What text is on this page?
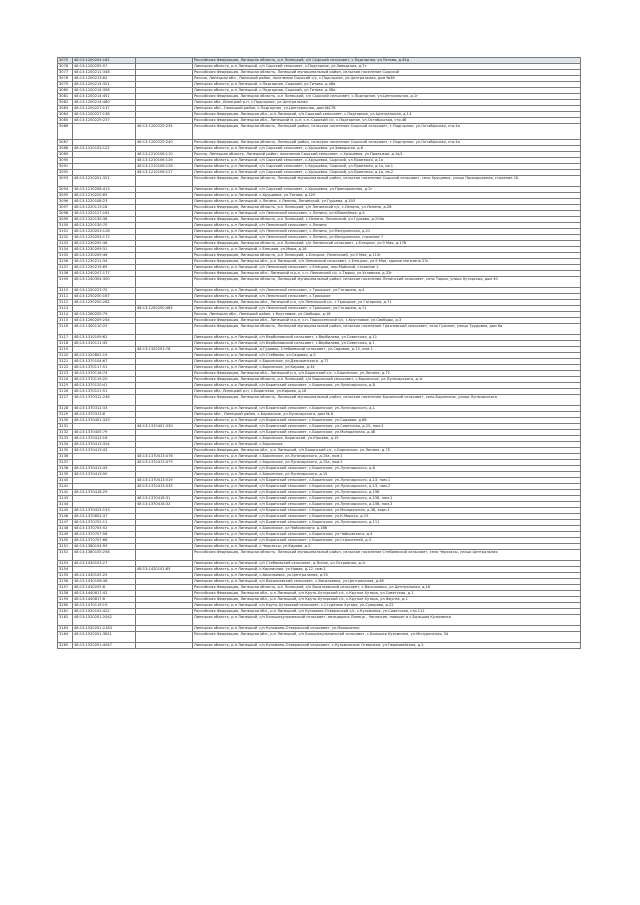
3075	48:13:1200204:182		Российская Федерация, Липецкая область, р-н Липецкий, с/п Сырский сельсовет, с.Подгорное, ул.Титова, д.45д
3076	48:13:1200205:57		Липецкая область, р-н Липецкий, с/п Сырский сельсовет, с.Подгорное, ул.Заводская, д.7с
3077	48:13:1200211:348		Российская Федерация, Липецкая область, Липецкий муниципальный район, сельское поселение Сырский
3078	48:13:1200213:62		Россия, Липецкая обл., Липецкий район, поселение Сырский с/с, с.Подгорное, ул.Центральная, дом №38
3079	48:13:1200214:321		Липецкая область, р-н Липецкий, с.Подгорное, Сырский, ул.Титова, д.46в
3080	48:13:1200214:358		Липецкая область, р-н Липецкий, с.Подгорное, Сырский, ул.Титова, д.38а
3081	48:13:1200214:451		Российская Федерация, Липецкая область, р-н Липецкий, с/п Сырский сельсовет, с.Подгорное, ул.Центральная, д.1г
3082	48:13:1200214:480		Липецкая обл.,Липецкий р-н, с.Подгорное, ул.Центральная
3083	48:13:1200227:137		Липецкая обл., Липецкий район, с.Подгорное, ул.Центральная, дом №17б
3084	48:13:1200227:138		Российская Федерация, Липецкая обл., р-н Липецкий, с/п Сырский сельсовет, с.Подгорное, ул.Центральная, д.14
3085	48:13:1200229:237		Российская Федерация, Липецкая обл., Липецкий м. р-н, с.п. Сырский с/с, с.Подгорное, ул.Октябрьская, стр.4б
3086		48:13:1200229:235	Российская Федерация, Липецкая область, Липецкий район, сельское поселение Сырский сельсовет, с.Подгорное, ул.Октябрьская, стр.4а
3087		48:13:1200229:240	Российская Федерация, Липецкая область, Липецкий район, сельское поселение Сырский сельсовет, с.Подгорное, ул.Октябрьская, стр.4а
3088	48:13:1210103:122		Липецкая область, р-н Липецкий, с/п Сырский сельсовет, с.Хрущевка, ул.Заводская, д.6
3089		48:13:1210106:110	Россия, Липецкая область, Липецкий район, поселение Сырский сельсовет, с.Хрущевка, ул.Проезжая, д.1а/1
3090		48:13:1210106:126	Липецкая область, р-н Липецкий, с/п Сырский сельсовет, с.Хрущевка, Сырский, ул.Проезжая, д.1а
3091		48:13:1210106:126	Липецкая область, р-н Липецкий, с/п Сырский сельсовет, с.Хрущевка, Сырский, ул.Проезжая, д.1а, кв.1
3092		48:13:1210106:127	Липецкая область, р-н Липецкий, с/п Сырский сельсовет, с.Хрущевка, Сырский, ул.Проезжая, д.1а, кв.2
3093	48:13:1210201:321		Российская Федерация, Липецкая область, Липецкий муниципальный район, сельское поселение Сырский сельсовет, село Хрущевка, улица Прикарьерная, строение 1Б
3094	48:13:1210208:413		Липецкая область, р-н Липецкий, с/п Сырский сельсовет, с.Хрущевка, ул.Прикарьерная, д.2г
3095	48:13:1210220:65		Липецкая область, р-н Липецкий, с.Хрущевка, ул.Титова, д.125
3096	48:13:1220108:23		Липецкая область, р-н Липецкий, с.Ленино, с.Ленино, Ленинский, ул.Гурьева, д.193
3097	48:13:1220113:18		Российская Федерация, Липецкая область, р-н Липецкий, с/п Ленинский с/с, с.Ленино, ул.Ленина, д.2б
3098	48:13:1220127:181		Липецкая область, р-н Липецкий, с/п Ленинский сельсовет, с.Ленино, ул.Юбилейная, д.4
3099	48:13:1220130:36		Российская Федерация, Липецкая область, р-н Липецкий, с.Ленино, Ленинский, ул.Гурьева, д.204а
3100	48:13:1220130:70		Липецкая область, р-н Липецкий, с/п Ленинский сельсовет, с.Ленино
3101	48:13:1220203:128		Липецкая область, р-н Липецкий, с/п Ленинский сельсовет, с.Ленино, ул.Мичуринская, д.21
3102	48:13:1220203:172		Липецкая область, р-н Липецкий, с/п Ленинский сельсовет, с.Ленино, ул.Мичуринская, строение 7
3103	48:13:1230205:36		Российская Федерация, Липецкая область, р-н Липецкий, с/п Ленинский сельсовет, с.Елецкое, ул.9 Мая, д.17б
3104	48:13:1230209:31		Липецкая область, р-н Липецкий, с.Елецкое, ул.Мира, д.16
3105	48:13:1230209:46		Российская Федерация, Липецкая область, р-н Липецкий, с.Елецкое, Ленинский, ул.9 Мая, д.115г
3106	48:13:1230211:34		Российская Федерация, Липецкая обл., р-н Липецкий, с/п Ленинский сельсовет, с.Елецкое, ул.9 Мая, здание магазина 23г
3107	48:13:1250215:69		Липецкая область, р-н Липецкий, с/п Ленинский сельсовет, с.Елецкое, пер.Майский, строение 1
3108	48:13:1240207:177		Российская Федерация, Липецкая обл., Липецкий м.р-н, с.п. Ленинский с/с, с.Тюрки, ул.Условная, д.33г
3109	48:13:1240304:300		Российская Федерация, Липецкая область, Липецкий муниципальный район, сельское поселение Ленинский сельсовет, село Тюрки, улица Хуторская, дом 40
3110	48:13:1250223:70		Липецкая область, р-н Липецкий, с/п Ленинский сельсовет, с.Троицкое, ул.Гагарина, д.4
3111	48:13:1250250:167		Липецкая область, р-н Липецкий, с/п Ленинский сельсовет, с.Троицкое
3112	48:13:1250250:262		Российская Федерация, Липецкая обл., Липецкий р-н, с/п Ленинский с/с, с.Троицкое, ул.Гагарина, д.71
3113		48:13:1250250:485	Липецкая область, р-н Липецкий, с/п Ленинский сельсовет, с.Троицкое, ул.Гагарина, д.71
3114	48:13:1260205:79		Россия, Липецкая обл., Липецкий район, с.Кругловое, ул.Свободы, д.18
3115	48:13:1260209:254		Российская Федерация, Липецкая обл., Липецкий м.р-н, с.п. Подсосенский с/с, с.Кругловое, ул.Свободы, д.3
3116	48:13:1300110:25		Российская Федерация, Липецкая область, Липецкий муниципальный район, сельское поселение Грязновский сельсовет, село Грязное, улица Трудовая, дом 6а
3117	48:13:1310109:62		Липецкая область, р-н Липецкий, с/п Вербиловский сельсовет, с.Вербилово, ул.Советская, д.11
3118	48:13:1310111:45		Липецкая область, р-н Липецкий, с/п Вербиловский сельсовет, с.Вербилово, ул.Советская, д.1
3119		48:13:1320203:78	Липецкая область, р-н Липецкий, д.Гудовка, Стебаевский сельсовет, ул.Садовая, д.13, пом.1
3120	48:13:1320802:19		Липецкая область, р-н Липецкий, с/п Стебаево, ул.Садовая, д.5
3121	48:13:1370104:67		Липецкая область, р-н Липецкий, с.Боринское, ул.Дзержинского, д.77
3122	48:13:1370117:51		Липецкая область, р-н Липецкий, с.Боринское, ул.Кирова, д.34
3123	48:13:1370118:74		Российская Федерация, Липецкая обл., Липецкий р-н, с/п Боринский с/с, с.Боринское, ул.Ленина, д.72
3124	48:13:1370119:20		Российская Федерация, Липецкая область, р-н Липецкий, с/п Боринский сельсовет, с.Боринское, ул.Луначарского, д.1г
3125	48:13:1370120:41		Липецкая область, р-н Липецкий, с/п Боринский сельсовет, с.Боринское, ул.Луначарского, д.8
3126	48:13:1370121:51		Липецкая обл.,Липецкий р-н, с.Боринское, ул.Кирова, д.16
3127	48:13:1370312:248		Российская Федерация, Липецкая область, Липецкий муниципальный район, сельское поселение Боринский сельсовет, село Боринское, улица Луначарского
3128	48:13:1370312:33		Липецкая область, р-н Липецкий, с/п Боринский сельсовет, с.Боринское, ул.Луначарского, д.1
3129	48:13:1370313:8		Липецкая обл., Липецкий район, с.Боринское, ул.Луначарского, дом № 8
3130	48:13:1370401:329		Липецкая область, р-н Липецкий, с/п Боринский сельсовет, с.Боринское, ул.Садовая, д.6б
3131		48:13:1370401:330	Липецкая область, р-н Липецкий, с/п Боринский сельсовет, с.Боринское, ул.Советская, д.25, пом.3
3132	48:13:1370405:79		Липецкая область, р-н Липецкий, с/п Боринский сельсовет, с.Боринское, ул.Молодежная, д.4б
3133	48:13:1370413:16		Липецкая область, р-н Липецкий, с.Боринское, Боринский, ул.Юрьева, д.15
3134	48:13:1370413:324		Липецкая область, р-н Липецкий, с.Боринское
3135	48:13:1370413:43		Российская Федерация, Липецкая обл., р-н Липецкий, с/п Боринский с/с, с.Боринское, ул.Ленина, д.75
3136		48:13:1370413:476	Липецкая область, р-н Липецкий, с.Боринское, ул.Луначарского, д.15а, пом.1
3137		48:13:1370413:479	Липецкая область, р-н Липецкий, с.Боринское, ул.Луначарского, д.15а, пом.2
3138	48:13:1370413:49		Липецкая область, р-н Липецкий, с/п Боринский сельсовет, с.Боринское, ул.Луначарского, д.8
3139	48:13:1370413:50		Липецкая область, р-н Липецкий, с.Боринское, ул.Луначарского, д.15
3140		48:13:1370413:519	Липецкая область, р-н Липецкий, с/п Боринский сельсовет, с.Боринское, ул.Луначарского, д.13, пом.1
3141		48:13:1370413:535	Липецкая область, р-н Липецкий, с/п Боринский сельсовет, с.Боринское, ул.Луначарского, д.13, пом.2
3142	48:13:1370418:29		Липецкая область, р-н Липецкий, с/п Боринский сельсовет, с.Боринское, ул.Луначарского, д.15б
3143		48:13:1370418:31	Липецкая область, р-н Липецкий, с/п Боринский сельсовет, с.Боринское, ул.Луначарского, д.15б, пом.1
3144		48:13:1370418:32	Липецкая область, р-н Липецкий, с/п Боринский сельсовет, с.Боринское, ул.Луначарского, д.15б, пом.2
3145	48:13:1370425:153		Липецкая область, р-н Липецкий, с/п Боринский сельсовет, с.Боринское, ул.Молодежная, д.38, корп.1
3146	48:13:1370602:37		Липецкая область, р-н Липецкий, с/п Боринский сельсовет, с.Боринское, ул.К.Маркса, д.19
3147	48:13:1370702:11		Липецкая область, р-н Липецкий, с/п Боринский сельсовет, с.Боринское, ул.Луначарского, д.111
3148	48:13:1370705:52		Липецкая область, р-н Липецкий, с.Боринское, ул.Чайковского, д.1бб
3149	48:13:1370707:56		Липецкая область, р-н Липецкий, с/п Боринский сельсовет, с.Боринское, ул.Чайковского, д.4
3150	48:13:1370707:68		Липецкая область, р-н Липецкий, с/п Боринский сельсовет, с.Боринское, ул.Строителей, д.3
3151	48:13:1380104:59		Липецкая область, р-н Липецкий, с.Черкассы, ул.Кирова, д.2
3152	48:13:1380105:258		Российская Федерация, Липецкая область, Липецкий муниципальный район, сельское поселение Стебаевский сельсовет, село Черкассы, улица Центральная
3153	48:13:1430103:27		Липецкая область, р-н Липецкий, с/п Стебаевский сельсовет, д.Ясное, ул.Островная, д.1г
3154		48:13:1420101:85	Липецкая область, р-н Липецкий, с.Кирпичное, ул.Новая, д.12, пом.1
3155	48:13:1430105:25		Липецкая область, р-н Липецкий, с.Васильевка, ул.Центральная, д.55
3156	48:13:1430106:36		Липецкая область, р-н Липецкий, с/п Васильевский сельсовет, с.Васильевка, ул.Центральная, д.4б
3157	48:13:1430205:8		Российская Федерация, Липецкая область, р-н Липецкий, с/п Васильевский сельсовет, с.Васильевка, ул.Центральная, д.16
3158	48:13:1440817:42		Российская Федерация, Липецкая обл., р-н Липецкий, с/п Круто-Хуторской с/с, с.Крутые Хутора, ул.Советская, д.1
3159	48:13:1440817:6		Российская Федерация, Липецкая обл., р-н Липецкий, с/п Круто-Хуторской с/с, с.Крутые Хутора, ул.Фрунзе, д.1
3160	48:13:1470119:19		Липецкая область, р-н Липецкий, с/п Круто-Хуторской сельсовет, с.Студёные Хутора, ул.Суворова, д.22
3161	48:13:1520102:422		Российская Федерация, Липецкая обл., р-н Липецкий, с/п Кузьмино-Отвержский с/с, с.Кузьминка, ул.Советская, стр.111
3162	48:13:1520201:2042		Липецкая область, р-н Липецкий, с/п Большекузьминский сельсовет, автодорога Липецк - Чаплыгин, поворот в с.Большая Кузьминка
3163	48:13:1520201:2183		Липецкая область, р-н Липецкий, с/п Кузьмино-Отвержский сельсовет, ул.Малашенко
3164	48:13:1520201:3821		Российская Федерация, Липецкая обл., р-н Липецкий, с/п Большекузьминский сельсовет, с.Большая Кузьминка, ул.Мичуринская, 34
3165	48:13:1520201:4047		Липецкая область, р-н Липецкий, с/п Кузьмино-Отвержский сельсовет, с.Кузьминские Отвержки, ул.Первомайская, д.2
